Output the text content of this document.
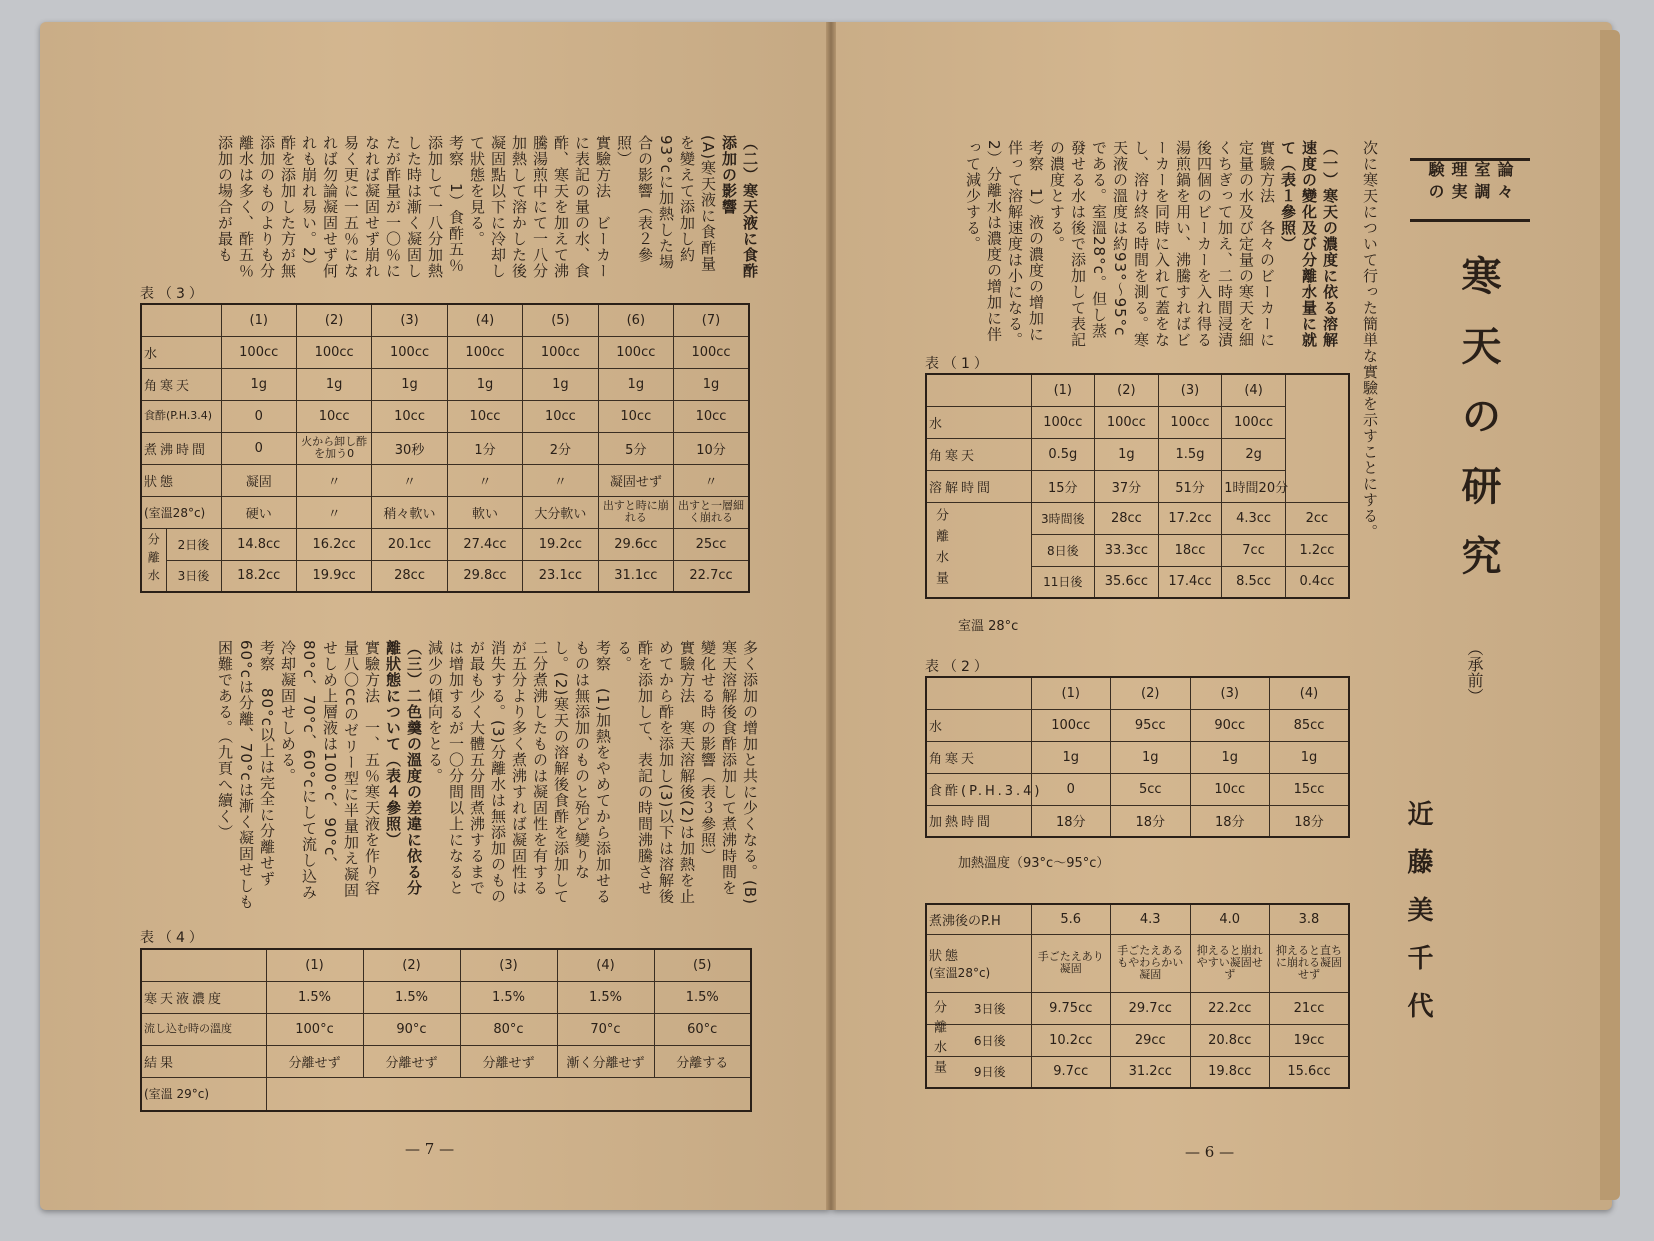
論々室調理実験の
寒天の研究
（承前）
近藤美千代

次に寒天について行った簡単な實驗を示すことにする。

（一）寒天の濃度に依る溶解速度の變化及び分離水量に就て（表１參照）

實驗方法　各々のビーカーに定量の水及び定量の寒天を細くちぎって加え、二時間浸漬後四個のビーカーを入れ得る湯煎鍋を用い、沸騰すればビーカーを同時に入れて蓋をなし、溶け終る時間を測る。寒天液の溫度は約93°〜95°cである。室溫28°c。但し蒸發せる水は後で添加して表記の濃度とする。

考察　1）液の濃度の增加に伴って溶解速度は小になる。2）分離水は濃度の增加に伴って減少する。

表（1）
	(1)	(2)	(3)	(4)	
水	100cc	100cc	100cc	100cc	
角寒天	0.5g	1g	1.5g	2g	
溶解時間	15分	37分	51分	1時間20分	

分離水量	3時間後	28cc	17.2cc	4.3cc	2cc
	8日後	33.3cc	18cc	7cc	1.2cc
	11日後	35.6cc	17.4cc	8.5cc	0.4cc
室溫 28°c
表（2）
	(1)	(2)	(3)	(4)
水	100cc	95cc	90cc	85cc
角寒天	1g	1g	1g	1g
食酢(P.H.3.4)	0	5cc	10cc	15cc
加熱時間	18分	18分	18分	18分
加熱溫度（93°c〜95°c）
煮沸後のP.H	5.6	4.3	4.0	3.8

狀態
(室溫28°c)	手ごたえあり凝固	手ごたえあるもやわらかい凝固	抑えると崩れやすい凝固せず	抑えると直ちに崩れる凝固せず
3日後	9.75cc	29.7cc	22.2cc	21cc
6日後	10.2cc	29cc	20.8cc	19cc
9日後	9.7cc	31.2cc	19.8cc	15.6cc
— 6 —

（二）寒天液に食酢添加の影響

(A)寒天液に食酢量を變えて添加し約93°cに加熱した場合の影響（表２參照）

實驗方法　ビーカーに表記の量の水、食酢、寒天を加えて沸騰湯煎中にて一八分加熱して溶かした後凝固點以下に冷却して狀態を見る。

考察　1）食酢五％添加して一八分加熱した時は漸く凝固したが酢量が一〇％になれば凝固せず崩れ易く更に一五％になれば勿論凝固せず何れも崩れ易い。2）酢を添加した方が無添加のものよりも分離水は多く、酢五％添加の場合が最も

表（3）
		(1)	(2)	(3)	(4)	(5)	(6)	(7)
水		100cc	100cc	100cc	100cc	100cc	100cc	100cc
角寒天		1g	1g	1g	1g	1g	1g	1g
食酢(P.H.3.4)		0	10cc	10cc	10cc	10cc	10cc	10cc
煮沸時間		0	火から卸し酢を加う0	30秒	1分	2分	5分	10分
狀態		凝固	〃	〃	〃	〃	凝固せず	〃
(室溫28°c)		硬い	〃	稍々軟い	軟い	大分軟い	出すと時に崩れる	出すと一層細く崩れる
分離水	2日後	14.8cc	16.2cc	20.1cc	27.4cc	19.2cc	29.6cc	25cc
	3日後	18.2cc	19.9cc	28cc	29.8cc	23.1cc	31.1cc	22.7cc

多く添加の增加と共に少くなる。(B)寒天溶解後食酢添加して煮沸時間を變化せる時の影響（表３參照）

實驗方法　寒天溶解後(2)は加熱を止めてから酢を添加し(3)以下は溶解後酢を添加して、表記の時間沸騰させる。

考察　(1)加熱をやめてから添加せるものは無添加のものと殆ど變りなし。(2)寒天の溶解後食酢を添加して二分煮沸したものは凝固性を有するが五分より多く煮沸すれば凝固性は消失する。(3)分離水は無添加のものが最も少く大體五分間煮沸するまでは增加するが一〇分間以上になると減少の傾向をとる。

（三）二色羹の溫度の差違に依る分離狀態について（表４參照）

實驗方法　一、五％寒天液を作り容量八〇ccのゼリー型に半量加え凝固せしめ上層液は100°c、90°c、80°c、70°c、60°cにして流し込み冷却凝固せしめる。

考察　80°c以上は完全に分離せず60°cは分離、70°cは漸く凝固せしも困難である。（九頁へ續く）

表（4）
	(1)	(2)	(3)	(4)	(5)
寒天液濃度	1.5%	1.5%	1.5%	1.5%	1.5%
流し込む時の溫度	100°c	90°c	80°c	70°c	60°c
結果	分離せず	分離せず	分離せず	漸く分離せず	分離する
(室溫 29°c)					
— 7 —
分離水量
